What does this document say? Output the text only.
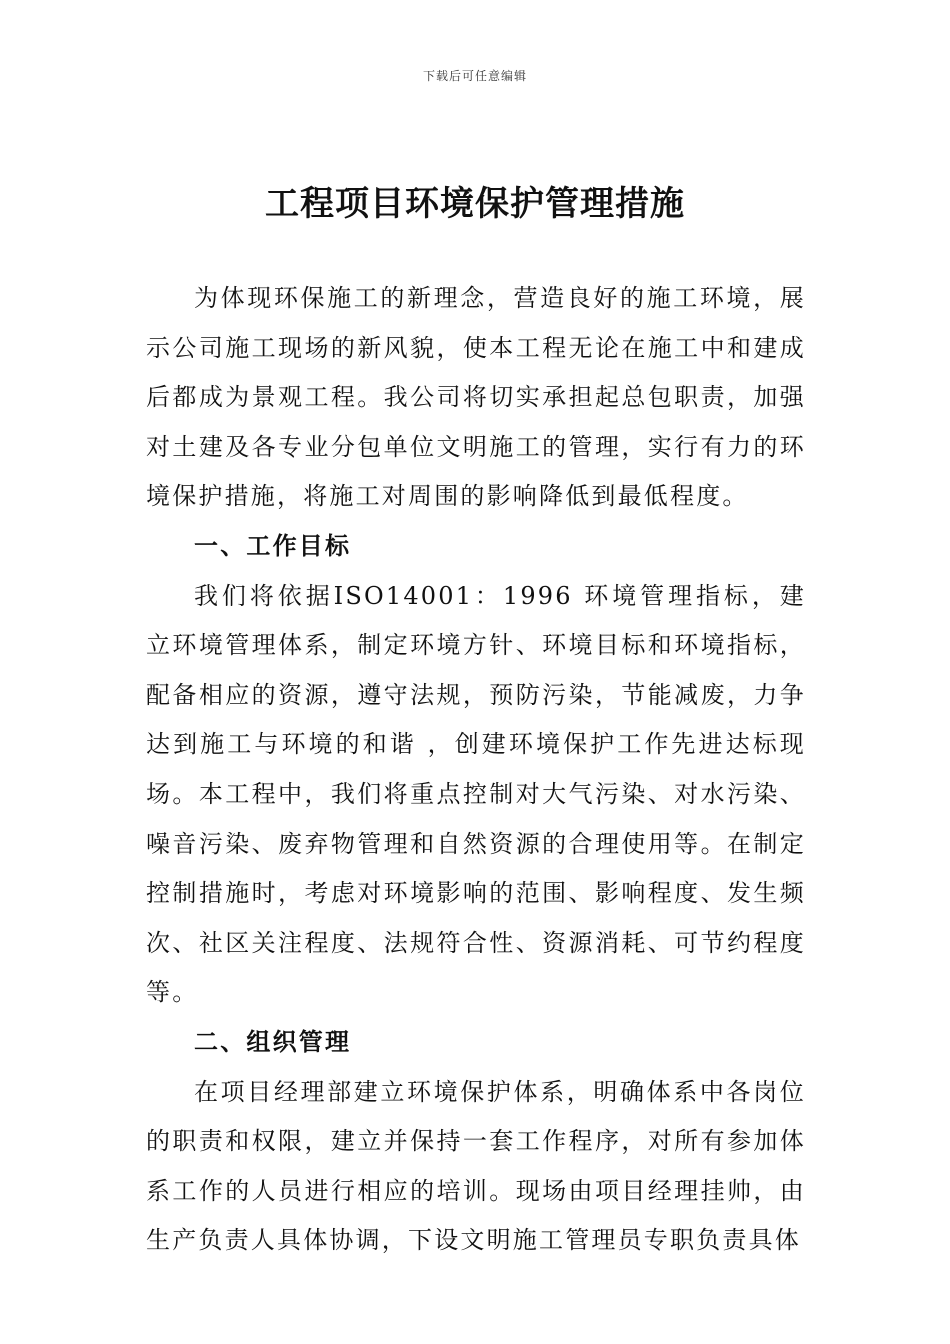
下载后可任意编辑
工程项目环境保护管理措施

为体现环保施工的新理念，营造良好的施工环境，展示公司施工现场的新风貌，使本工程无论在施工中和建成后都成为景观工程。我公司将切实承担起总包职责，加强对土建及各专业分包单位文明施工的管理，实行有力的环境保护措施，将施工对周围的影响降低到最低程度。

一、工作目标

我们将依据ISO14001：1996 环境管理指标，建立环境管理体系，制定环境方针、环境目标和环境指标，配备相应的资源，遵守法规，预防污染，节能减废，力争达到施工与环境的和谐 ，创建环境保护工作先进达标现场。本工程中，我们将重点控制对大气污染、对水污染、噪音污染、废弃物管理和自然资源的合理使用等。在制定控制措施时，考虑对环境影响的范围、影响程度、发生频次、社区关注程度、法规符合性、资源消耗、可节约程度等。

二、组织管理

在项目经理部建立环境保护体系，明确体系中各岗位的职责和权限，建立并保持一套工作程序，对所有参加体系工作的人员进行相应的培训。现场由项目经理挂帅，由生产负责人具体协调，下设文明施工管理员专职负责具体
